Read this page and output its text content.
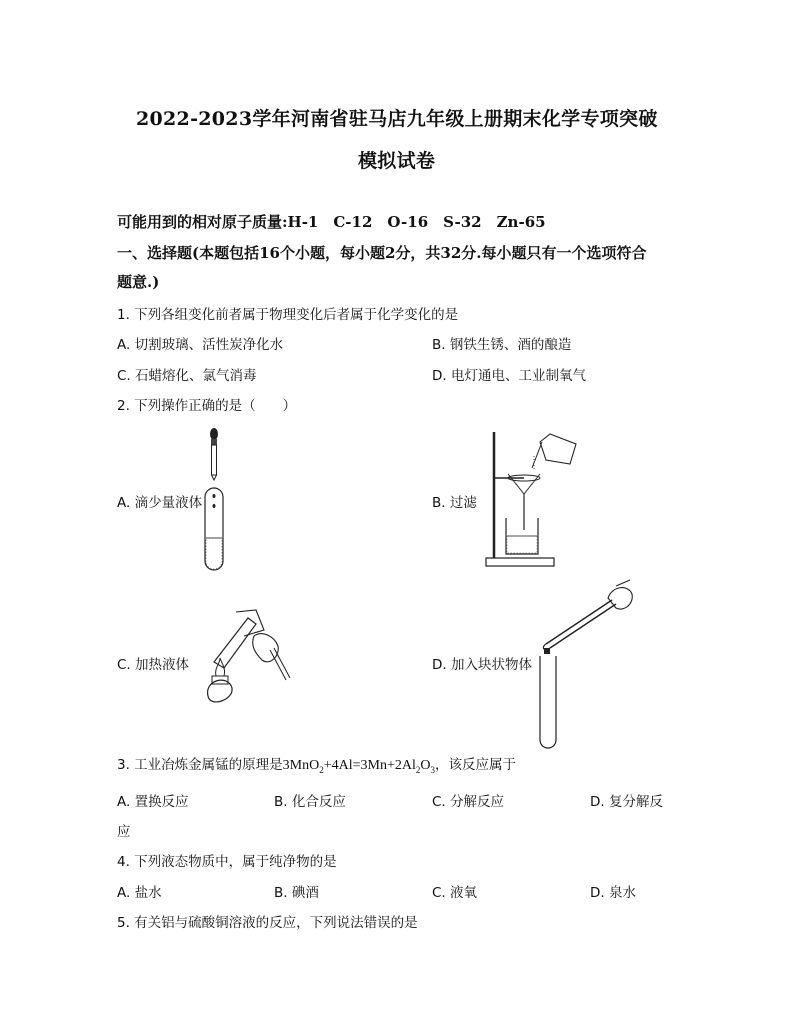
2022-2023学年河南省驻马店九年级上册期末化学专项突破
模拟试卷
可能用到的相对原子质量:H-1　C-12　O-16　S-32　Zn-65
一、选择题(本题包括16个小题，每小题2分，共32分.每小题只有一个选项符合
题意.)
1. 下列各组变化前者属于物理变化后者属于化学变化的是
A. 切割玻璃、活性炭净化水	B. 钢铁生锈、酒的酿造
C. 石蜡熔化、氯气消毒	D. 电灯通电、工业制氧气
2. 下列操作正确的是（　　）
A. 滴少量液体	B. 过滤
C. 加热液体	D. 加入块状物体
3. 工业冶炼金属锰的原理是$3MnO_2+4Al=3Mn+2Al_2O_3$，该反应属于
A. 置换反应	B. 化合反应	C. 分解反应	D. 复分解反
应
4. 下列液态物质中，属于纯净物的是
A. 盐水	B. 碘酒	C. 液氧	D. 泉水
5. 有关铝与硫酸铜溶液的反应，下列说法错误的是
